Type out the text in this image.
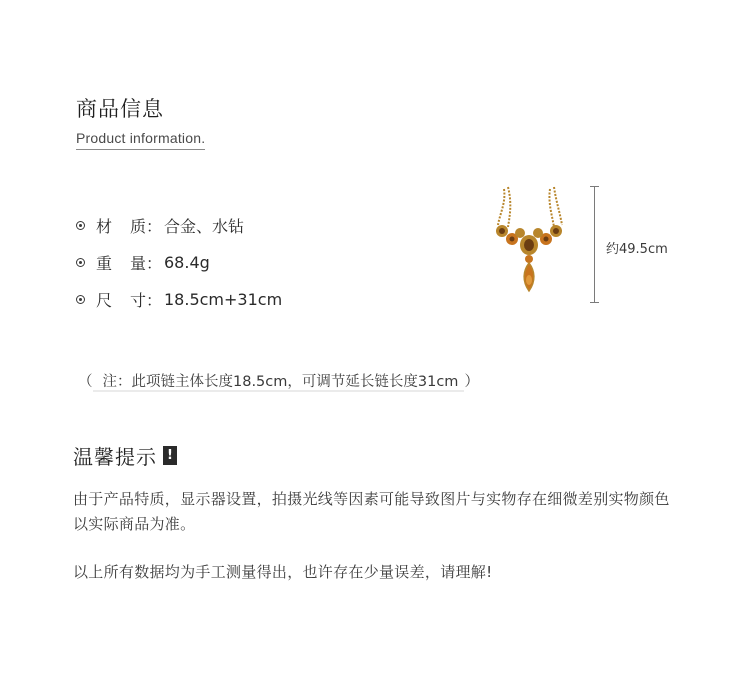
商品信息
Product information.
材 质： 合金、水钻
重 量： 68.4g
尺 寸： 18.5cm+31cm
约49.5cm
（ 注：此项链主体长度18.5cm，可调节延长链长度31cm ）
温馨提示 !
由于产品特质，显示器设置，拍摄光线等因素可能导致图片与实物存在细微差别实物颜色以实际商品为准。
以上所有数据均为手工测量得出，也许存在少量误差，请理解!
